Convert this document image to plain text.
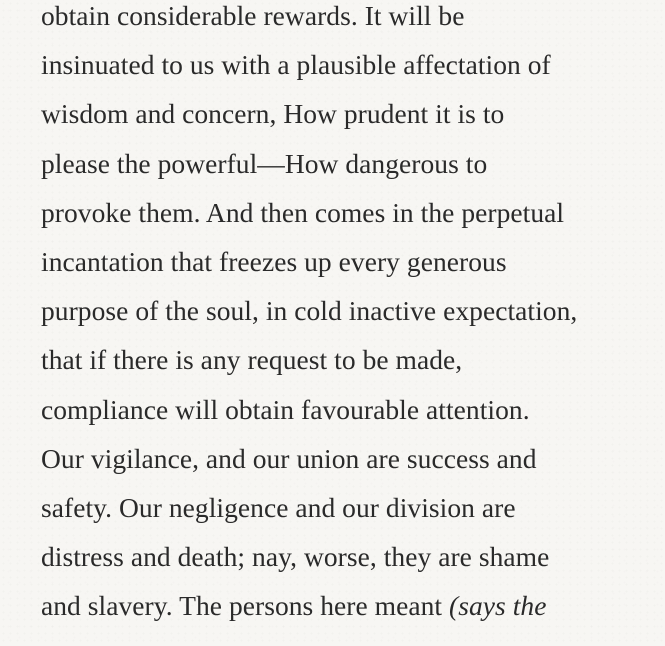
obtain considerable rewards. It will be
insinuated to us with a plausible affectation of
wisdom and concern, How prudent it is to
please the powerful—How dangerous to
provoke them. And then comes in the perpetual
incantation that freezes up every generous
purpose of the soul, in cold inactive expectation,
that if there is any request to be made,
compliance will obtain favourable attention.
Our vigilance, and our union are success and
safety. Our negligence and our division are
distress and death; nay, worse, they are shame
and slavery. The persons here meant (says the
